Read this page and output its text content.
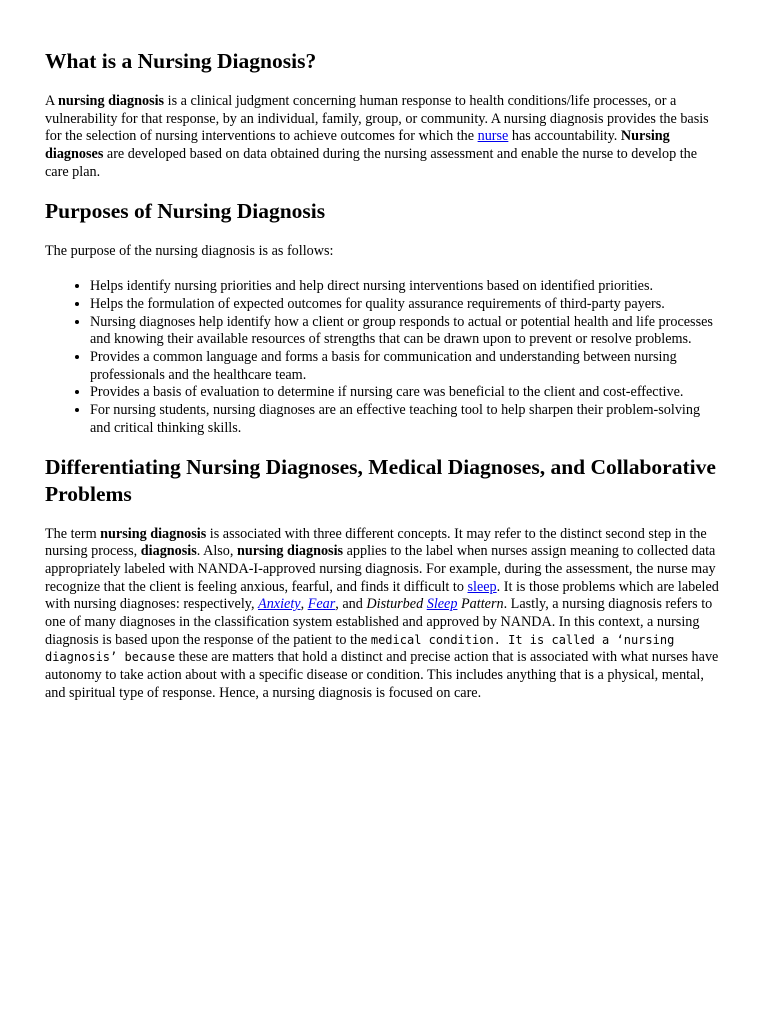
What is a Nursing Diagnosis?

A nursing diagnosis is a clinical judgment concerning human response to health conditions/life processes, or a vulnerability for that response, by an individual, family, group, or community. A nursing diagnosis provides the basis for the selection of nursing interventions to achieve outcomes for which the nurse has accountability. Nursing diagnoses are developed based on data obtained during the nursing assessment and enable the nurse to develop the care plan.

Purposes of Nursing Diagnosis

The purpose of the nursing diagnosis is as follows:

• Helps identify nursing priorities and help direct nursing interventions based on identified priorities.
• Helps the formulation of expected outcomes for quality assurance requirements of third-party payers.
• Nursing diagnoses help identify how a client or group responds to actual or potential health and life processes and knowing their available resources of strengths that can be drawn upon to prevent or resolve problems.
• Provides a common language and forms a basis for communication and understanding between nursing professionals and the healthcare team.
• Provides a basis of evaluation to determine if nursing care was beneficial to the client and cost-effective.
• For nursing students, nursing diagnoses are an effective teaching tool to help sharpen their problem-solving and critical thinking skills.
Differentiating Nursing Diagnoses, Medical Diagnoses, and Collaborative Problems

The term nursing diagnosis is associated with three different concepts. It may refer to the distinct second step in the nursing process, diagnosis. Also, nursing diagnosis applies to the label when nurses assign meaning to collected data appropriately labeled with NANDA-I-approved nursing diagnosis. For example, during the assessment, the nurse may recognize that the client is feeling anxious, fearful, and finds it difficult to sleep. It is those problems which are labeled with nursing diagnoses: respectively, Anxiety, Fear, and Disturbed Sleep Pattern. Lastly, a nursing diagnosis refers to one of many diagnoses in the classification system established and approved by NANDA. In this context, a nursing diagnosis is based upon the response of the patient to the medical condition. It is called a ‘nursing diagnosis’ because these are matters that hold a distinct and precise action that is associated with what nurses have autonomy to take action about with a specific disease or condition. This includes anything that is a physical, mental, and spiritual type of response. Hence, a nursing diagnosis is focused on care.
